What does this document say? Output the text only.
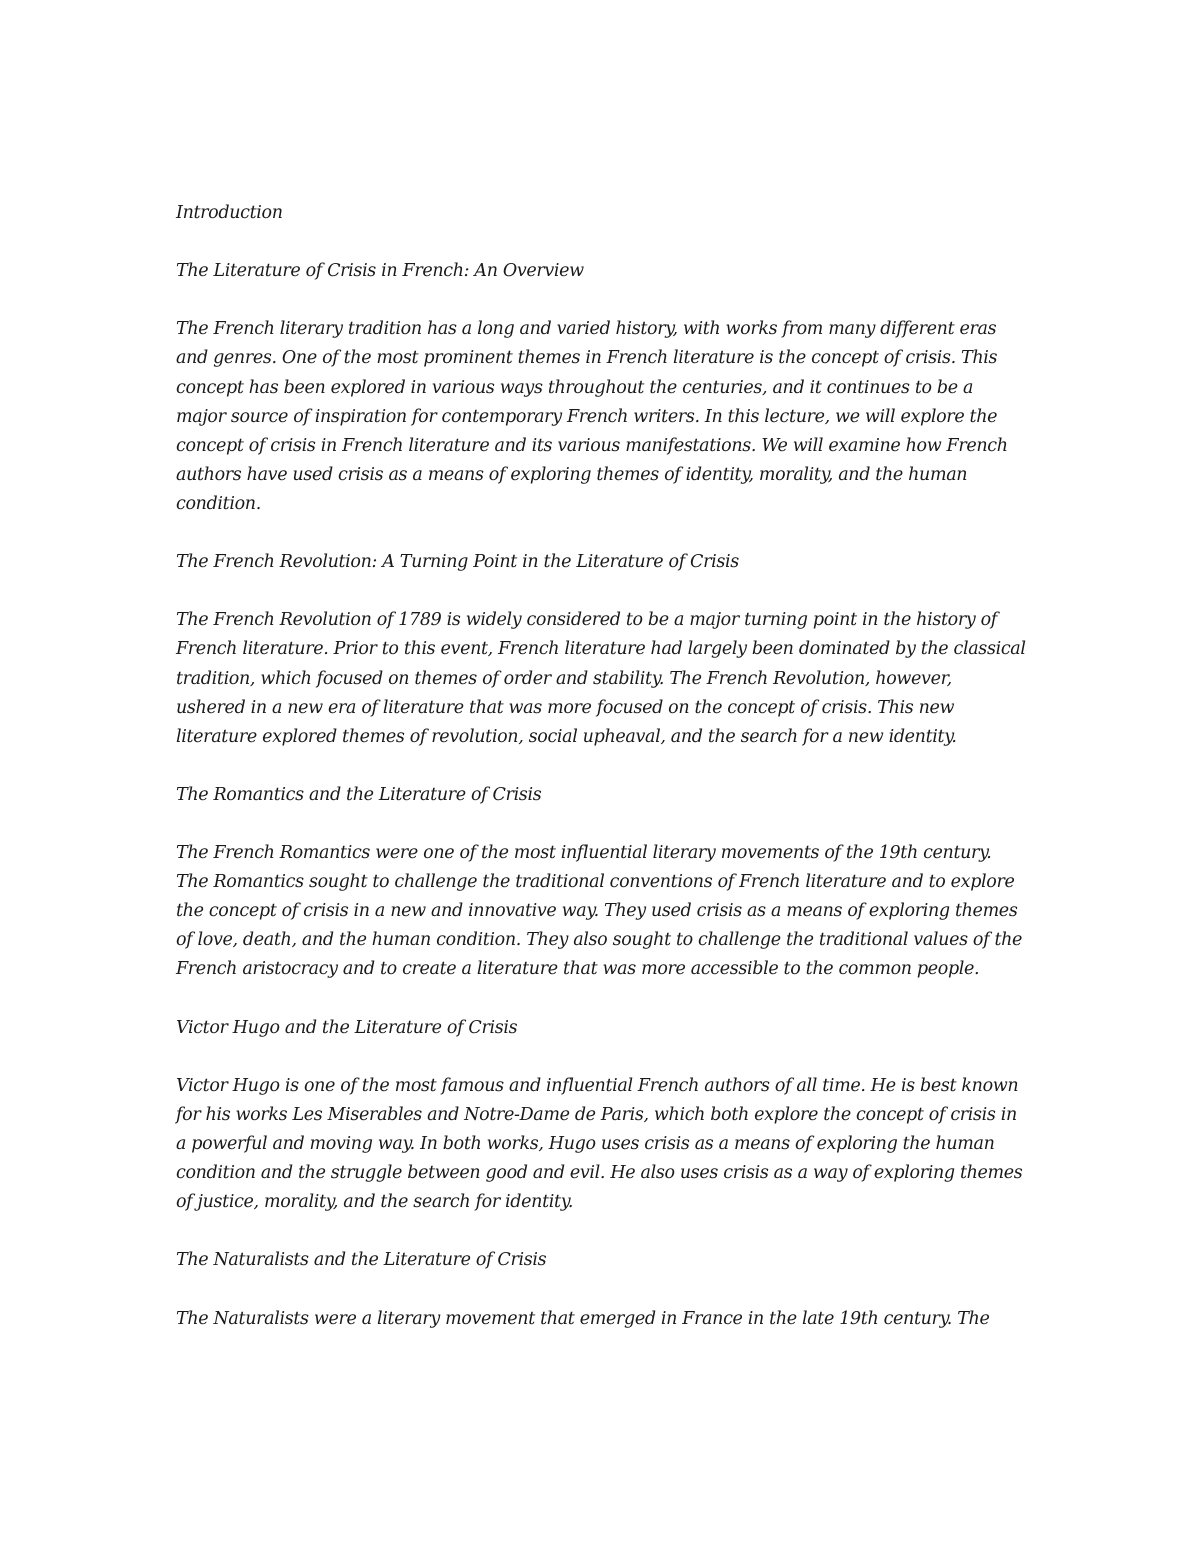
Introduction

The Literature of Crisis in French: An Overview

The French literary tradition has a long and varied history, with works from many different eras and genres. One of the most prominent themes in French literature is the concept of crisis. This concept has been explored in various ways throughout the centuries, and it continues to be a major source of inspiration for contemporary French writers. In this lecture, we will explore the concept of crisis in French literature and its various manifestations. We will examine how French authors have used crisis as a means of exploring themes of identity, morality, and the human condition.

The French Revolution: A Turning Point in the Literature of Crisis

The French Revolution of 1789 is widely considered to be a major turning point in the history of French literature. Prior to this event, French literature had largely been dominated by the classical tradition, which focused on themes of order and stability. The French Revolution, however, ushered in a new era of literature that was more focused on the concept of crisis. This new literature explored themes of revolution, social upheaval, and the search for a new identity.

The Romantics and the Literature of Crisis

The French Romantics were one of the most influential literary movements of the 19th century. The Romantics sought to challenge the traditional conventions of French literature and to explore the concept of crisis in a new and innovative way. They used crisis as a means of exploring themes of love, death, and the human condition. They also sought to challenge the traditional values of the French aristocracy and to create a literature that was more accessible to the common people.

Victor Hugo and the Literature of Crisis

Victor Hugo is one of the most famous and influential French authors of all time. He is best known for his works Les Miserables and Notre-Dame de Paris, which both explore the concept of crisis in a powerful and moving way. In both works, Hugo uses crisis as a means of exploring the human condition and the struggle between good and evil. He also uses crisis as a way of exploring themes of justice, morality, and the search for identity.

The Naturalists and the Literature of Crisis

The Naturalists were a literary movement that emerged in France in the late 19th century. The
